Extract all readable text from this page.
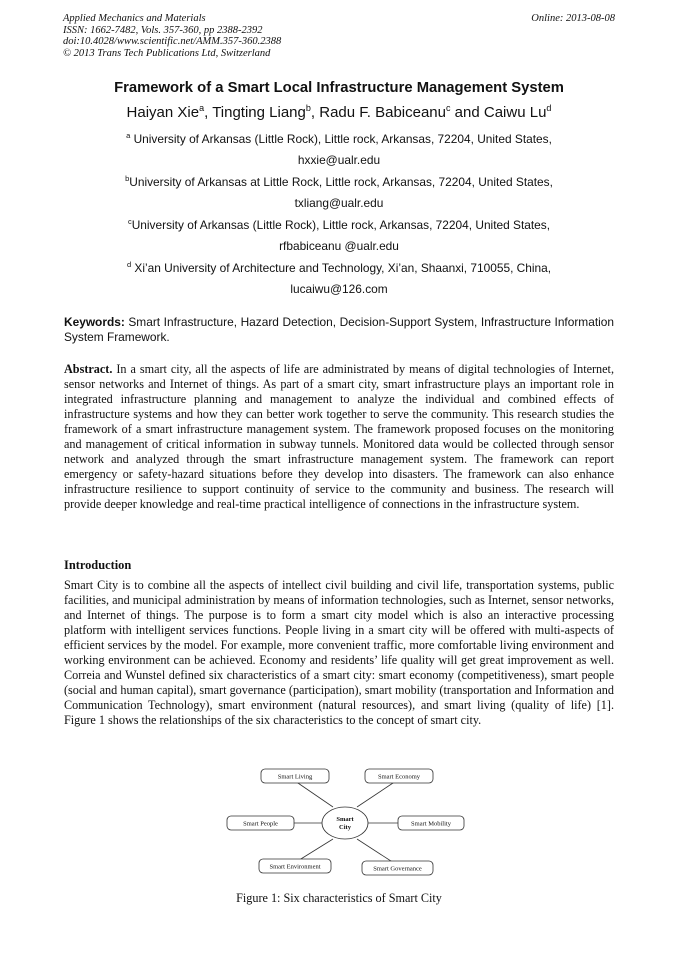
Applied Mechanics and Materials
ISSN: 1662-7482, Vols. 357-360, pp 2388-2392
doi:10.4028/www.scientific.net/AMM.357-360.2388
© 2013 Trans Tech Publications Ltd, Switzerland
Online: 2013-08-08
Framework of a Smart Local Infrastructure Management System
Haiyan Xie$^a$, Tingting Liang$^b$, Radu F. Babiceanu$^c$ and Caiwu Lu$^d$
$^a$ University of Arkansas (Little Rock), Little rock, Arkansas, 72204, United States,
hxxie@ualr.edu
$^b$University of Arkansas at Little Rock, Little rock, Arkansas, 72204, United States,
txliang@ualr.edu
$^c$University of Arkansas (Little Rock), Little rock, Arkansas, 72204, United States,
rfbabiceanu @ualr.edu
$^d$ Xi’an University of Architecture and Technology, Xi’an, Shaanxi, 710055, China,
lucaiwu@126.com
Keywords: Smart Infrastructure, Hazard Detection, Decision-Support System, Infrastructure Information System Framework.
Abstract. In a smart city, all the aspects of life are administrated by means of digital technologies of Internet, sensor networks and Internet of things. As part of a smart city, smart infrastructure plays an important role in integrated infrastructure planning and management to analyze the individual and combined effects of infrastructure systems and how they can better work together to serve the community. This research studies the framework of a smart infrastructure management system. The framework proposed focuses on the monitoring and management of critical information in subway tunnels. Monitored data would be collected through sensor network and analyzed through the smart infrastructure management system. The framework can report emergency or safety-hazard situations before they develop into disasters. The framework can also enhance infrastructure resilience to support continuity of service to the community and business. The research will provide deeper knowledge and real-time practical intelligence of connections in the infrastructure system.
Introduction
Smart City is to combine all the aspects of intellect civil building and civil life, transportation systems, public facilities, and municipal administration by means of information technologies, such as Internet, sensor networks, and Internet of things. The purpose is to form a smart city model which is also an interactive processing platform with intelligent services functions. People living in a smart city will be offered with multi-aspects of efficient services by the model. For example, more convenient traffic, more comfortable living environment and working environment can be achieved. Economy and residents’ life quality will get great improvement as well. Correia and Wunstel defined six characteristics of a smart city: smart economy (competitiveness), smart people (social and human capital), smart governance (participation), smart mobility (transportation and Information and Communication Technology), smart environment (natural resources), and smart living (quality of life) [1]. Figure 1 shows the relationships of the six characteristics to the concept of smart city.
Smart
City
Smart Living	Smart Economy
Smart People	Smart Mobility
Smart Environment	Smart Governance
Figure 1: Six characteristics of Smart City
